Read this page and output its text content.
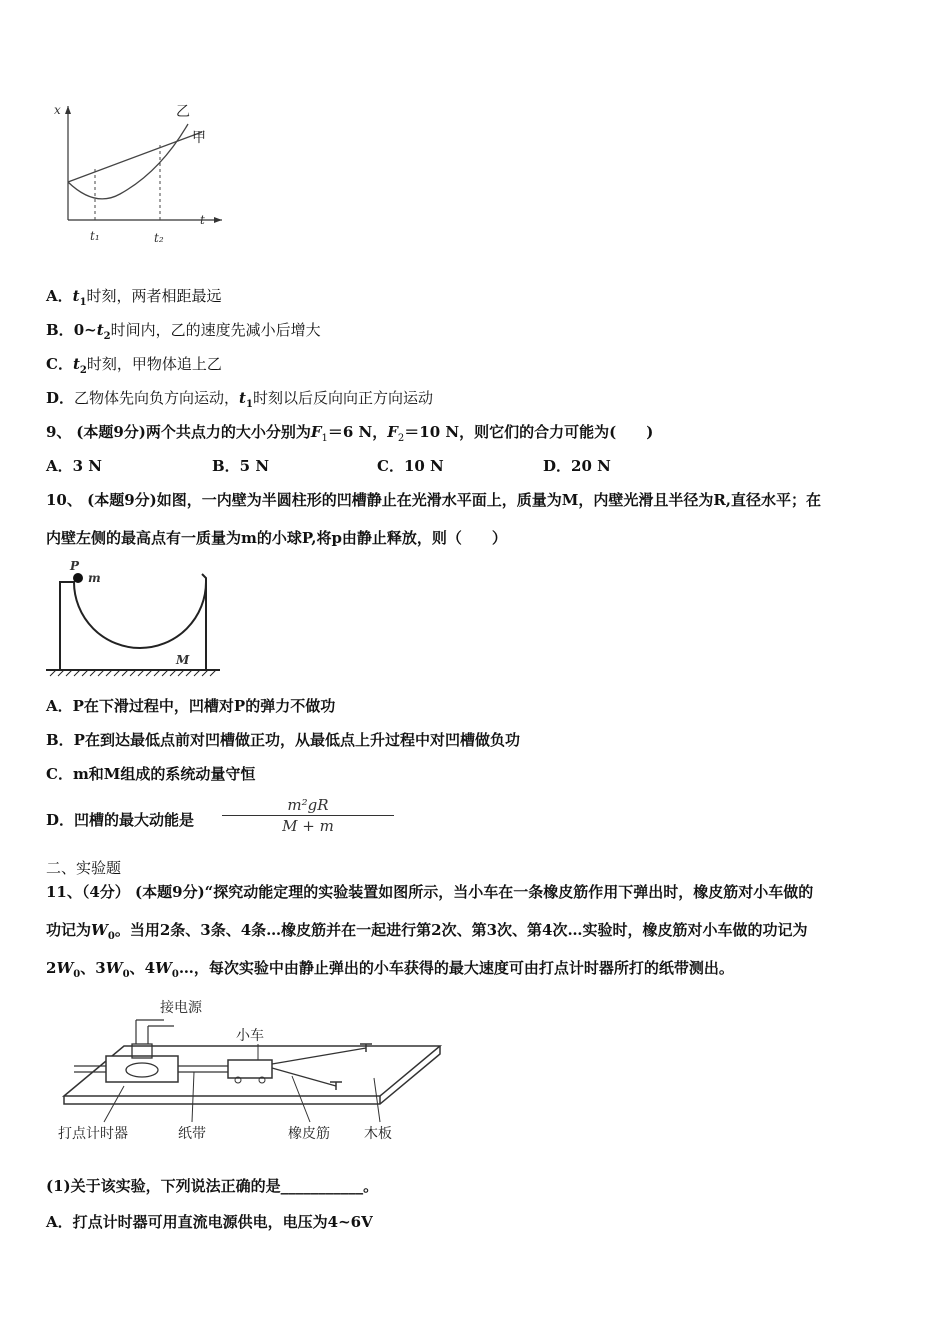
x
t
乙
甲
t₁	t₂
A．$t_1$时刻，两者相距最远
B．$0\sim t_2$时间内，乙的速度先减小后增大
C．$t_2$时刻，甲物体追上乙
D．乙物体先向负方向运动，$t_1$时刻以后反向向正方向运动
9、 (本题9分)两个共点力的大小分别为$F_1=6$ N，$F_2=10$ N，则它们的合力可能为(　　)
A．3 N	B．5 N	C．10 N	D．20 N
10、 (本题9分)如图，一内壁为半圆柱形的凹槽静止在光滑水平面上，质量为M，内壁光滑且半径为R,直径水平；在
内壁左侧的最高点有一质量为m的小球P,将p由静止释放，则（　　）
P
m
M
A．P在下滑过程中，凹槽对P的弹力不做功
B．P在到达最低点前对凹槽做正功，从最低点上升过程中对凹槽做负功
C．m和M组成的系统动量守恒
D．凹槽的最大动能是
m²gR
M + m
二、实验题
11、（4分） (本题9分)“探究动能定理的实验装置如图所示，当小车在一条橡皮筋作用下弹出时，橡皮筋对小车做的
功记为$W_0$。当用2条、3条、4条…橡皮筋并在一起进行第2次、第3次、第4次…实验时，橡皮筋对小车做的功记为
$2W_0$、$3W_0$、$4W_0\dots$，每次实验中由静止弹出的小车获得的最大速度可由打点计时器所打的纸带测出。
接电源
小车
打点计时器	纸带	橡皮筋 木板
(1)关于该实验，下列说法正确的是___________。
A．打点计时器可用直流电源供电，电压为4~6V
